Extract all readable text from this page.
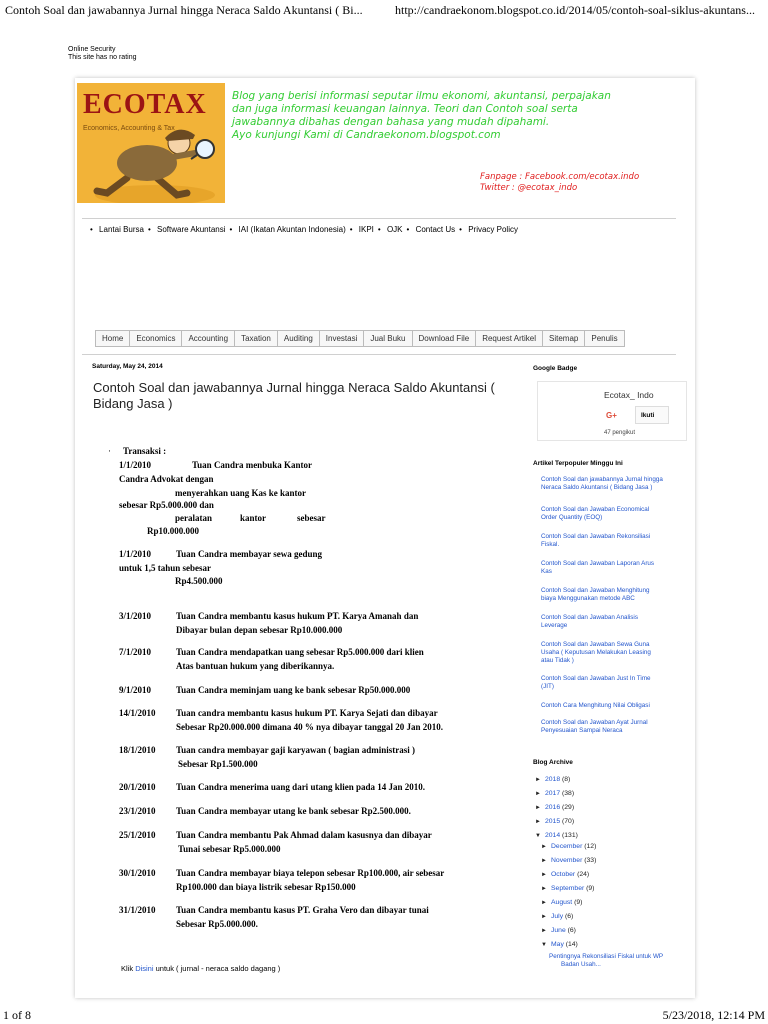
Contoh Soal dan jawabannya Jurnal hingga Neraca Saldo Akuntansi ( Bi...	http://candraekonom.blogspot.co.id/2014/05/contoh-soal-siklus-akuntans...
Online Security
This site has no rating
ECOTAX
Economics, Accounting & Tax
Blog yang berisi informasi seputar ilmu ekonomi, akuntansi, perpajakan
dan juga informasi keuangan lainnya. Teori dan Contoh soal serta
jawabannya dibahas dengan bahasa yang mudah dipahami.
Ayo kunjungi Kami di Candraekonom.blogspot.com
Fanpage : Facebook.com/ecotax.indo
Twitter : @ecotax_indo
• Lantai Bursa • Software Akuntansi • IAI (Ikatan Akuntan Indonesia) • IKPI • OJK • Contact Us • Privacy Policy
Home	Economics	Accounting	Taxation	Auditing	Investasi	Jual Buku	Download File	Request Artikel	Sitemap	Penulis
Saturday, May 24, 2014
Contoh Soal dan jawabannya Jurnal hingga Neraca Saldo Akuntansi (
Bidang Jasa )
· Transaksi :
1/1/2010	Tuan Candra menbuka Kantor
Candra Advokat dengan
menyerahkan uang Kas ke kantor
sebesar Rp5.000.000 dan
peralatan	kantor	sebesar
Rp10.000.000
1/1/2010	Tuan Candra membayar sewa gedung
untuk 1,5 tahun sebesar
Rp4.500.000
3/1/2010	Tuan Candra membantu kasus hukum PT. Karya Amanah dan
Dibayar bulan depan sebesar Rp10.000.000
7/1/2010	Tuan Candra mendapatkan uang sebesar Rp5.000.000 dari klien
Atas bantuan hukum yang diberikannya.
9/1/2010	Tuan Candra meminjam uang ke bank sebesar Rp50.000.000
14/1/2010 Tuan candra membantu kasus hukum PT. Karya Sejati dan dibayar
Sebesar Rp20.000.000 dimana 40 % nya dibayar tanggal 20 Jan 2010.
18/1/2010 Tuan candra membayar gaji karyawan ( bagian administrasi )
Sebesar Rp1.500.000
20/1/2010 Tuan Candra menerima uang dari utang klien pada 14 Jan 2010.
23/1/2010 Tuan Candra membayar utang ke bank sebesar Rp2.500.000.
25/1/2010 Tuan Candra membantu Pak Ahmad dalam kasusnya dan dibayar
Tunai sebesar Rp5.000.000
30/1/2010 Tuan Candra membayar biaya telepon sebesar Rp100.000, air sebesar
Rp100.000 dan biaya listrik sebesar Rp150.000
31/1/2010 Tuan Candra membantu kasus PT. Graha Vero dan dibayar tunai
Sebesar Rp5.000.000.
Klik Disini untuk ( jurnal - neraca saldo dagang )
Google Badge
Ecotax_ Indo
G+	Ikuti
47 pengikut
Artikel Terpopuler Minggu Ini
Contoh Soal dan jawabannya Jurnal hingga
Neraca Saldo Akuntansi ( Bidang Jasa )
Contoh Soal dan Jawaban Economical
Order Quantity (EOQ)
Contoh Soal dan Jawaban Rekonsiliasi
Fiskal.
Contoh Soal dan Jawaban Laporan Arus
Kas
Contoh Soal dan Jawaban Menghitung
biaya Menggunakan metode ABC
Contoh Soal dan Jawaban Analisis
Leverage
Contoh Soal dan Jawaban Sewa Guna
Usaha ( Keputusan Melakukan Leasing
atau Tidak )
Contoh Soal dan Jawaban Just In Time
(JIT)
Contoh Cara Menghitung Nilai Obligasi
Contoh Soal dan Jawaban Ayat Jurnal
Penyesuaian Sampai Neraca
Blog Archive
► 2018 (8)
► 2017 (38)
► 2016 (29)
► 2015 (70)
▼ 2014 (131)
► December (12)
► November (33)
► October (24)
► September (9)
► August (9)
► July (6)
► June (6)
▼ May (14)
Pentingnya Rekonsiliasi Fiskal untuk WP
Badan Usah...
1 of 8	5/23/2018, 12:14 PM
